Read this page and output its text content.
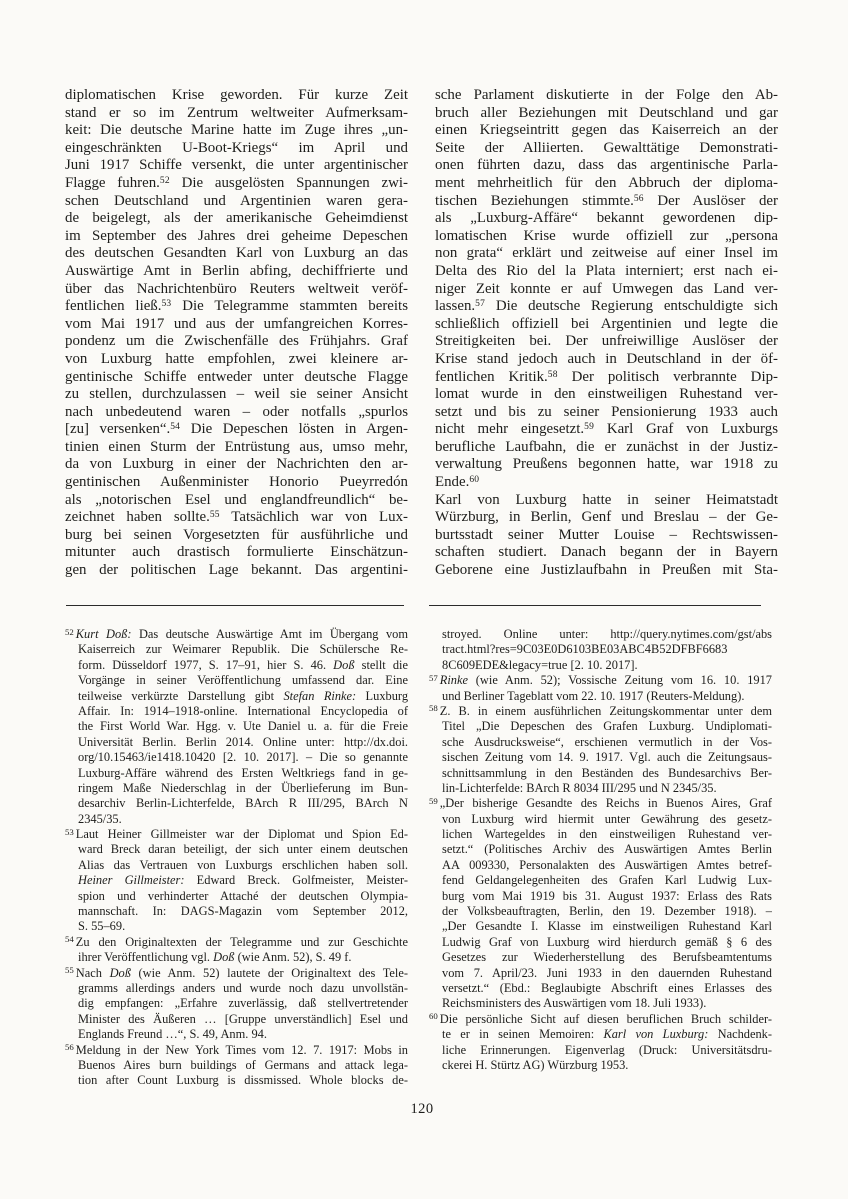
diplomatischen Krise geworden. Für kurze Zeit
stand er so im Zentrum weltweiter Aufmerksam-
keit: Die deutsche Marine hatte im Zuge ihres „un-
eingeschränkten U-Boot-Kriegs“ im April und
Juni 1917 Schiffe versenkt, die unter argentinischer
Flagge fuhren.$^{52}$ Die ausgelösten Spannungen zwi-
schen Deutschland und Argentinien waren gera-
de beigelegt, als der amerikanische Geheimdienst
im September des Jahres drei geheime Depeschen
des deutschen Gesandten Karl von Luxburg an das
Auswärtige Amt in Berlin abfing, dechiffrierte und
über das Nachrichtenbüro Reuters weltweit veröf-
fentlichen ließ.$^{53}$ Die Telegramme stammten bereits
vom Mai 1917 und aus der umfangreichen Korres-
pondenz um die Zwischenfälle des Frühjahrs. Graf
von Luxburg hatte empfohlen, zwei kleinere ar-
gentinische Schiffe entweder unter deutsche Flagge
zu stellen, durchzulassen – weil sie seiner Ansicht
nach unbedeutend waren – oder notfalls „spurlos
[zu] versenken“.$^{54}$ Die Depeschen lösten in Argen-
tinien einen Sturm der Entrüstung aus, umso mehr,
da von Luxburg in einer der Nachrichten den ar-
gentinischen Außenminister Honorio Pueyrredón
als „notorischen Esel und englandfreundlich“ be-
zeichnet haben sollte.$^{55}$ Tatsächlich war von Lux-
burg bei seinen Vorgesetzten für ausführliche und
mitunter auch drastisch formulierte Einschätzun-
gen der politischen Lage bekannt. Das argentini-
sche Parlament diskutierte in der Folge den Ab-
bruch aller Beziehungen mit Deutschland und gar
einen Kriegseintritt gegen das Kaiserreich an der
Seite der Alliierten. Gewalttätige Demonstrati-
onen führten dazu, dass das argentinische Parla-
ment mehrheitlich für den Abbruch der diploma-
tischen Beziehungen stimmte.$^{56}$ Der Auslöser der
als „Luxburg-Affäre“ bekannt gewordenen dip-
lomatischen Krise wurde offiziell zur „persona
non grata“ erklärt und zeitweise auf einer Insel im
Delta des Rio del la Plata interniert; erst nach ei-
niger Zeit konnte er auf Umwegen das Land ver-
lassen.$^{57}$ Die deutsche Regierung entschuldigte sich
schließlich offiziell bei Argentinien und legte die
Streitigkeiten bei. Der unfreiwillige Auslöser der
Krise stand jedoch auch in Deutschland in der öf-
fentlichen Kritik.$^{58}$ Der politisch verbrannte Dip-
lomat wurde in den einstweiligen Ruhestand ver-
setzt und bis zu seiner Pensionierung 1933 auch
nicht mehr eingesetzt.$^{59}$ Karl Graf von Luxburgs
berufliche Laufbahn, die er zunächst in der Justiz-
verwaltung Preußens begonnen hatte, war 1918 zu
Ende.$^{60}$
Karl von Luxburg hatte in seiner Heimatstadt
Würzburg, in Berlin, Genf und Breslau – der Ge-
burtsstadt seiner Mutter Louise – Rechtswissen-
schaften studiert. Danach begann der in Bayern
Geborene eine Justizlaufbahn in Preußen mit Sta-
$^{52}$ Kurt Doß: Das deutsche Auswärtige Amt im Übergang vom
Kaiserreich zur Weimarer Republik. Die Schülersche Re-
form. Düsseldorf 1977, S. 17–91, hier S. 46. Doß stellt die
Vorgänge in seiner Veröffentlichung umfassend dar. Eine
teilweise verkürzte Darstellung gibt Stefan Rinke: Luxburg
Affair. In: 1914–1918-online. International Encyclopedia of
the First World War. Hgg. v. Ute Daniel u. a. für die Freie
Universität Berlin. Berlin 2014. Online unter: http://dx.doi.
org/10.15463/ie1418.10420 [2. 10. 2017]. – Die so genannte
Luxburg-Affäre während des Ersten Weltkriegs fand in ge-
ringem Maße Niederschlag in der Überlieferung im Bun-
desarchiv Berlin-Lichterfelde, BArch R III/295, BArch N
2345/35.
$^{53}$ Laut Heiner Gillmeister war der Diplomat und Spion Ed-
ward Breck daran beteiligt, der sich unter einem deutschen
Alias das Vertrauen von Luxburgs erschlichen haben soll.
Heiner Gillmeister: Edward Breck. Golfmeister, Meister-
spion und verhinderter Attaché der deutschen Olympia-
mannschaft. In: DAGS-Magazin vom September 2012,
S. 55–69.
$^{54}$ Zu den Originaltexten der Telegramme und zur Geschichte
ihrer Veröffentlichung vgl. Doß (wie Anm. 52), S. 49 f.
$^{55}$ Nach Doß (wie Anm. 52) lautete der Originaltext des Tele-
gramms allerdings anders und wurde noch dazu unvollstän-
dig empfangen: „Erfahre zuverlässig, daß stellvertretender
Minister des Äußeren … [Gruppe unverständlich] Esel und
Englands Freund …“, S. 49, Anm. 94.
$^{56}$ Meldung in der New York Times vom 12. 7. 1917: Mobs in
Buenos Aires burn buildings of Germans and attack lega-
tion after Count Luxburg is dissmissed. Whole blocks de-
stroyed. Online unter: http://query.nytimes.com/gst/abs
tract.html?res=9C03E0D6103BE03ABC4B52DFBF6683
8C609EDE&legacy=true [2. 10. 2017].
$^{57}$ Rinke (wie Anm. 52); Vossische Zeitung vom 16. 10. 1917
und Berliner Tageblatt vom 22. 10. 1917 (Reuters-Meldung).
$^{58}$ Z. B. in einem ausführlichen Zeitungskommentar unter dem
Titel „Die Depeschen des Grafen Luxburg. Undiplomati-
sche Ausdrucksweise“, erschienen vermutlich in der Vos-
sischen Zeitung vom 14. 9. 1917. Vgl. auch die Zeitungsaus-
schnittsammlung in den Beständen des Bundesarchivs Ber-
lin-Lichterfelde: BArch R 8034 III/295 und N 2345/35.
$^{59}$ „Der bisherige Gesandte des Reichs in Buenos Aires, Graf
von Luxburg wird hiermit unter Gewährung des gesetz-
lichen Wartegeldes in den einstweiligen Ruhestand ver-
setzt.“ (Politisches Archiv des Auswärtigen Amtes Berlin
AA 009330, Personalakten des Auswärtigen Amtes betref-
fend Geldangelegenheiten des Grafen Karl Ludwig Lux-
burg vom Mai 1919 bis 31. August 1937: Erlass des Rats
der Volksbeauftragten, Berlin, den 19. Dezember 1918). –
„Der Gesandte I. Klasse im einstweiligen Ruhestand Karl
Ludwig Graf von Luxburg wird hierdurch gemäß § 6 des
Gesetzes zur Wiederherstellung des Berufsbeamtentums
vom 7. April/23. Juni 1933 in den dauernden Ruhestand
versetzt.“ (Ebd.: Beglaubigte Abschrift eines Erlasses des
Reichsministers des Auswärtigen vom 18. Juli 1933).
$^{60}$ Die persönliche Sicht auf diesen beruflichen Bruch schilder-
te er in seinen Memoiren: Karl von Luxburg: Nachdenk-
liche Erinnerungen. Eigenverlag (Druck: Universitätsdru-
ckerei H. Stürtz AG) Würzburg 1953.
120
